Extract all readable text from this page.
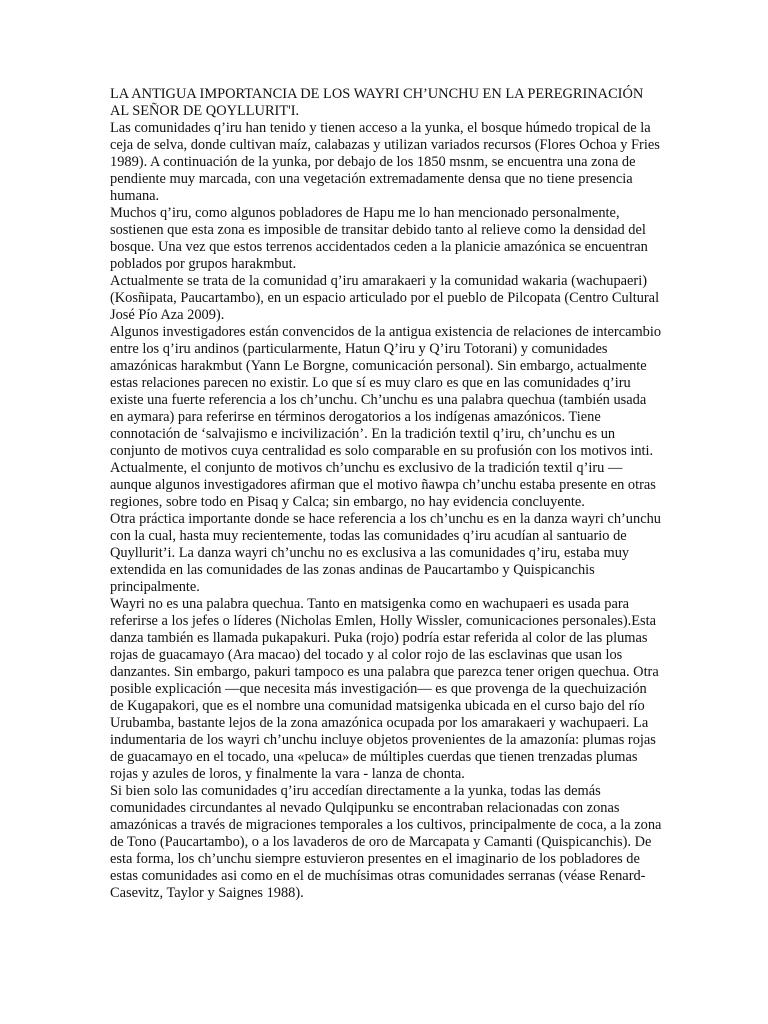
LA ANTIGUA IMPORTANCIA DE LOS WAYRI CH’UNCHU EN LA PEREGRINACIÓN AL SEÑOR DE QOYLLURIT'I.

Las comunidades q’iru han tenido y tienen acceso a la yunka, el bosque húmedo tropical de la ceja de selva, donde cultivan maíz, calabazas y utilizan variados recursos (Flores Ochoa y Fries 1989). A continuación de la yunka, por debajo de los 1850 msnm, se encuentra una zona de pendiente muy marcada, con una vegetación extremadamente densa que no tiene presencia humana.

Muchos q’iru, como algunos pobladores de Hapu me lo han mencionado personalmente, sostienen que esta zona es imposible de transitar debido tanto al relieve como la densidad del bosque. Una vez que estos terrenos accidentados ceden a la planicie amazónica se encuentran poblados por grupos harakmbut.

Actualmente se trata de la comunidad q’iru amarakaeri y la comunidad wakaria (wachupaeri) (Kosñipata, Paucartambo), en un espacio articulado por el pueblo de Pilcopata (Centro Cultural José Pío Aza 2009).

Algunos investigadores están convencidos de la antigua existencia de relaciones de intercambio entre los q’iru andinos (particularmente, Hatun Q’iru y Q’iru Totorani) y comunidades amazónicas harakmbut (Yann Le Borgne, comunicación personal). Sin embargo, actualmente estas relaciones parecen no existir. Lo que sí es muy claro es que en las comunidades q’iru existe una fuerte referencia a los ch’unchu. Ch’unchu es una palabra quechua (también usada en aymara) para referirse en términos derogatorios a los indígenas amazónicos. Tiene connotación de ‘salvajismo e incivilización’. En la tradición textil q’iru, ch’unchu es un conjunto de motivos cuya centralidad es solo comparable en su profusión con los motivos inti. Actualmente, el conjunto de motivos ch’unchu es exclusivo de la tradición textil q’iru —aunque algunos investigadores afirman que el motivo ñawpa ch’unchu estaba presente en otras regiones, sobre todo en Pisaq y Calca; sin embargo, no hay evidencia concluyente.

Otra práctica importante donde se hace referencia a los ch’unchu es en la danza wayri ch’unchu con la cual, hasta muy recientemente, todas las comunidades q’iru acudían al santuario de Quyllurit’i. La danza wayri ch’unchu no es exclusiva a las comunidades q’iru, estaba muy extendida en las comunidades de las zonas andinas de Paucartambo y Quispicanchis principalmente.

Wayri no es una palabra quechua. Tanto en matsigenka como en wachupaeri es usada para referirse a los jefes o líderes (Nicholas Emlen, Holly Wissler, comunicaciones personales).Esta danza también es llamada pukapakuri. Puka (rojo) podría estar referida al color de las plumas rojas de guacamayo (Ara macao) del tocado y al color rojo de las esclavinas que usan los danzantes. Sin embargo, pakuri tampoco es una palabra que parezca tener origen quechua. Otra posible explicación —que necesita más investigación— es que provenga de la quechuización de Kugapakori, que es el nombre una comunidad matsigenka ubicada en el curso bajo del río Urubamba, bastante lejos de la zona amazónica ocupada por los amarakaeri y wachupaeri. La indumentaria de los wayri ch’unchu incluye objetos provenientes de la amazonía: plumas rojas de guacamayo en el tocado, una «peluca» de múltiples cuerdas que tienen trenzadas plumas rojas y azules de loros, y finalmente la vara - lanza de chonta.

Si bien solo las comunidades q’iru accedían directamente a la yunka, todas las demás comunidades circundantes al nevado Qulqipunku se encontraban relacionadas con zonas amazónicas a través de migraciones temporales a los cultivos, principalmente de coca, a la zona de Tono (Paucartambo), o a los lavaderos de oro de Marcapata y Camanti (Quispicanchis). De esta forma, los ch’unchu siempre estuvieron presentes en el imaginario de los pobladores de estas comunidades asi como en el de muchísimas otras comunidades serranas (véase Renard-Casevitz, Taylor y Saignes 1988).
